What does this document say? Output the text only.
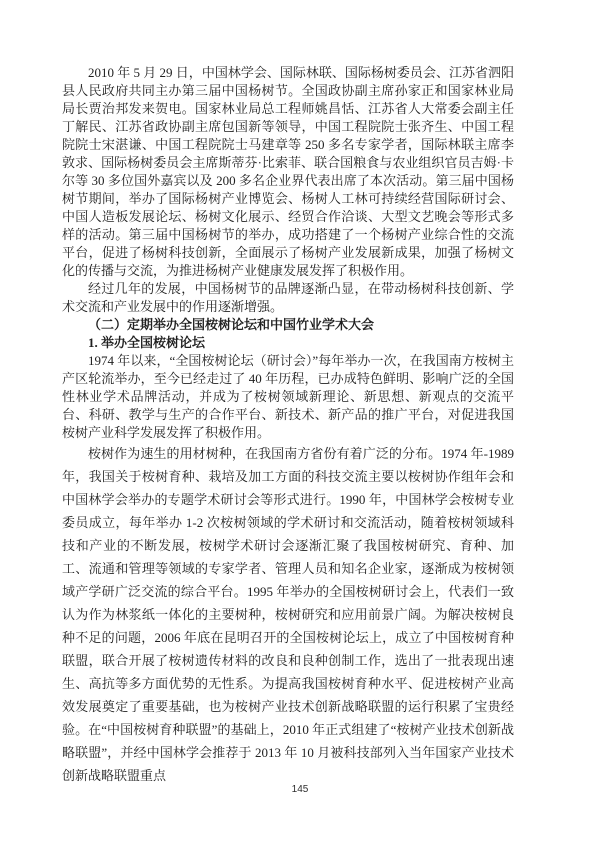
2010 年 5 月 29 日，中国林学会、国际林联、国际杨树委员会、江苏省泗阳县人民政府共同主办第三届中国杨树节。全国政协副主席孙家正和国家林业局局长贾治邦发来贺电。国家林业局总工程师姚昌恬、江苏省人大常委会副主任丁解民、江苏省政协副主席包国新等领导，中国工程院院士张齐生、中国工程院院士宋湛谦、中国工程院院士马建章等 250 多名专家学者，国际林联主席李敦求、国际杨树委员会主席斯蒂芬·比索菲、联合国粮食与农业组织官员吉姆·卡尔等 30 多位国外嘉宾以及 200 多名企业界代表出席了本次活动。第三届中国杨树节期间，举办了国际杨树产业博览会、杨树人工林可持续经营国际研讨会、中国人造板发展论坛、杨树文化展示、经贸合作洽谈、大型文艺晚会等形式多样的活动。第三届中国杨树节的举办，成功搭建了一个杨树产业综合性的交流平台，促进了杨树科技创新，全面展示了杨树产业发展新成果，加强了杨树文化的传播与交流，为推进杨树产业健康发展发挥了积极作用。

经过几年的发展，中国杨树节的品牌逐渐凸显，在带动杨树科技创新、学术交流和产业发展中的作用逐渐增强。

（二）定期举办全国桉树论坛和中国竹业学术大会

1. 举办全国桉树论坛

1974 年以来，“全国桉树论坛（研讨会）”每年举办一次，在我国南方桉树主产区轮流举办，至今已经走过了 40 年历程，已办成特色鲜明、影响广泛的全国性林业学术品牌活动，并成为了桉树领域新理论、新思想、新观点的交流平台、科研、教学与生产的合作平台、新技术、新产品的推广平台，对促进我国桉树产业科学发展发挥了积极作用。

桉树作为速生的用材树种，在我国南方省份有着广泛的分布。1974 年-1989 年，我国关于桉树育种、栽培及加工方面的科技交流主要以桉树协作组年会和中国林学会举办的专题学术研讨会等形式进行。1990 年，中国林学会桉树专业委员成立，每年举办 1-2 次桉树领域的学术研讨和交流活动，随着桉树领域科技和产业的不断发展，桉树学术研讨会逐渐汇聚了我国桉树研究、育种、加工、流通和管理等领域的专家学者、管理人员和知名企业家，逐渐成为桉树领域产学研广泛交流的综合平台。1995 年举办的全国桉树研讨会上，代表们一致认为作为林浆纸一体化的主要树种，桉树研究和应用前景广阔。为解决桉树良种不足的问题，2006 年底在昆明召开的全国桉树论坛上，成立了中国桉树育种联盟，联合开展了桉树遗传材料的改良和良种创制工作，选出了一批表现出速生、高抗等多方面优势的无性系。为提高我国桉树育种水平、促进桉树产业高效发展奠定了重要基础，也为桉树产业技术创新战略联盟的运行积累了宝贵经验。在“中国桉树育种联盟”的基础上，2010 年正式组建了“桉树产业技术创新战略联盟”，并经中国林学会推荐于 2013 年 10 月被科技部列入当年国家产业技术创新战略联盟重点

145
